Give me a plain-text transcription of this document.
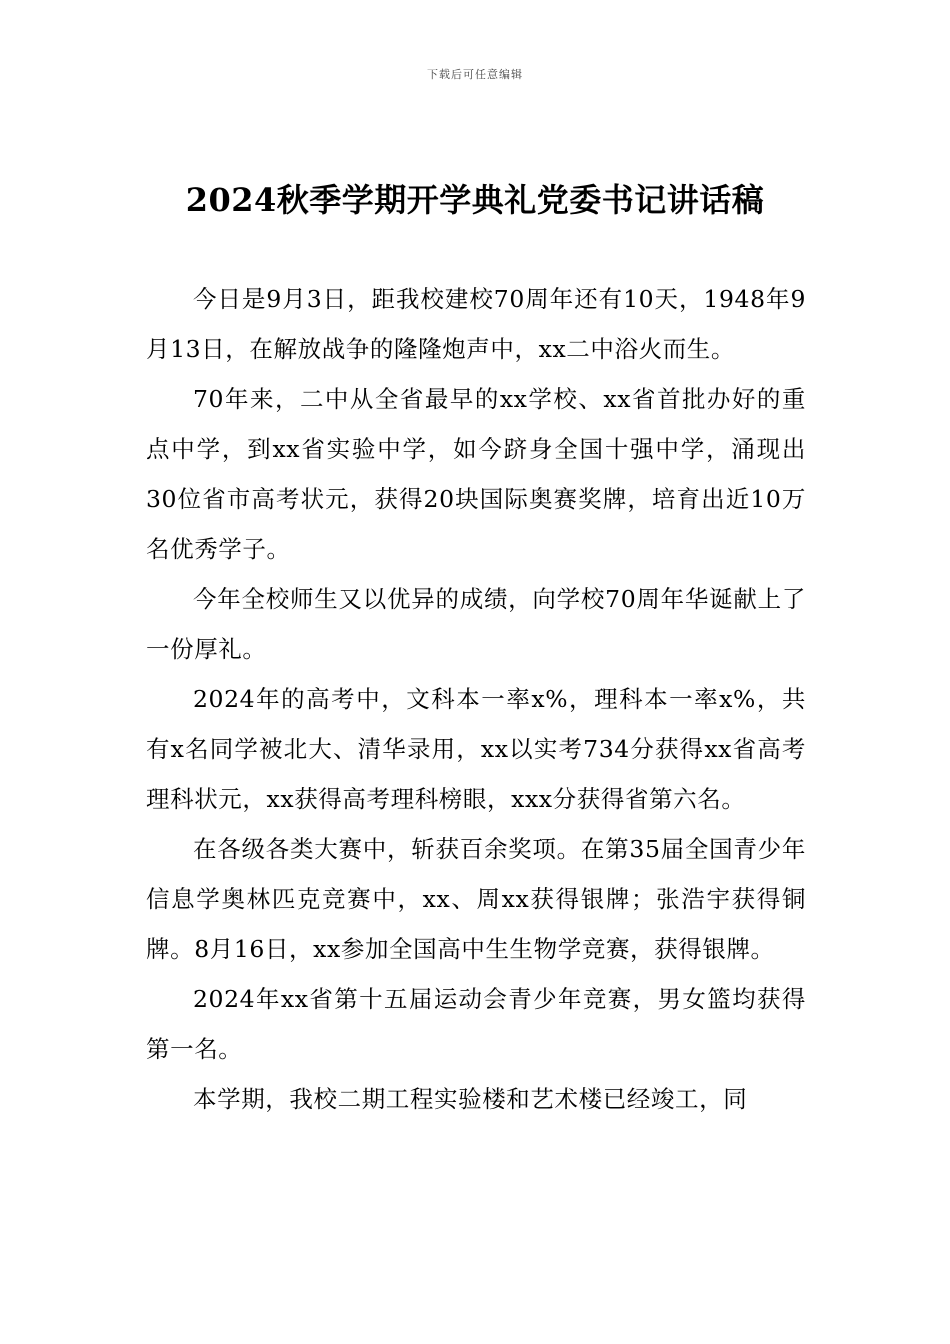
下载后可任意编辑
2024秋季学期开学典礼党委书记讲话稿

今日是9月3日，距我校建校70周年还有10天，1948年9月13日，在解放战争的隆隆炮声中，xx二中浴火而生。

70年来，二中从全省最早的xx学校、xx省首批办好的重点中学，到xx省实验中学，如今跻身全国十强中学，涌现出30位省市高考状元，获得20块国际奥赛奖牌，培育出近10万名优秀学子。

今年全校师生又以优异的成绩，向学校70周年华诞献上了一份厚礼。

2024年的高考中，文科本一率x%，理科本一率x%，共有x名同学被北大、清华录用，xx以实考734分获得xx省高考理科状元，xx获得高考理科榜眼，xxx分获得省第六名。

在各级各类大赛中，斩获百余奖项。在第35届全国青少年信息学奥林匹克竞赛中，xx、周xx获得银牌；张浩宇获得铜牌。8月16日，xx参加全国高中生生物学竞赛，获得银牌。

2024年xx省第十五届运动会青少年竞赛，男女篮均获得第一名。

本学期，我校二期工程实验楼和艺术楼已经竣工，同
